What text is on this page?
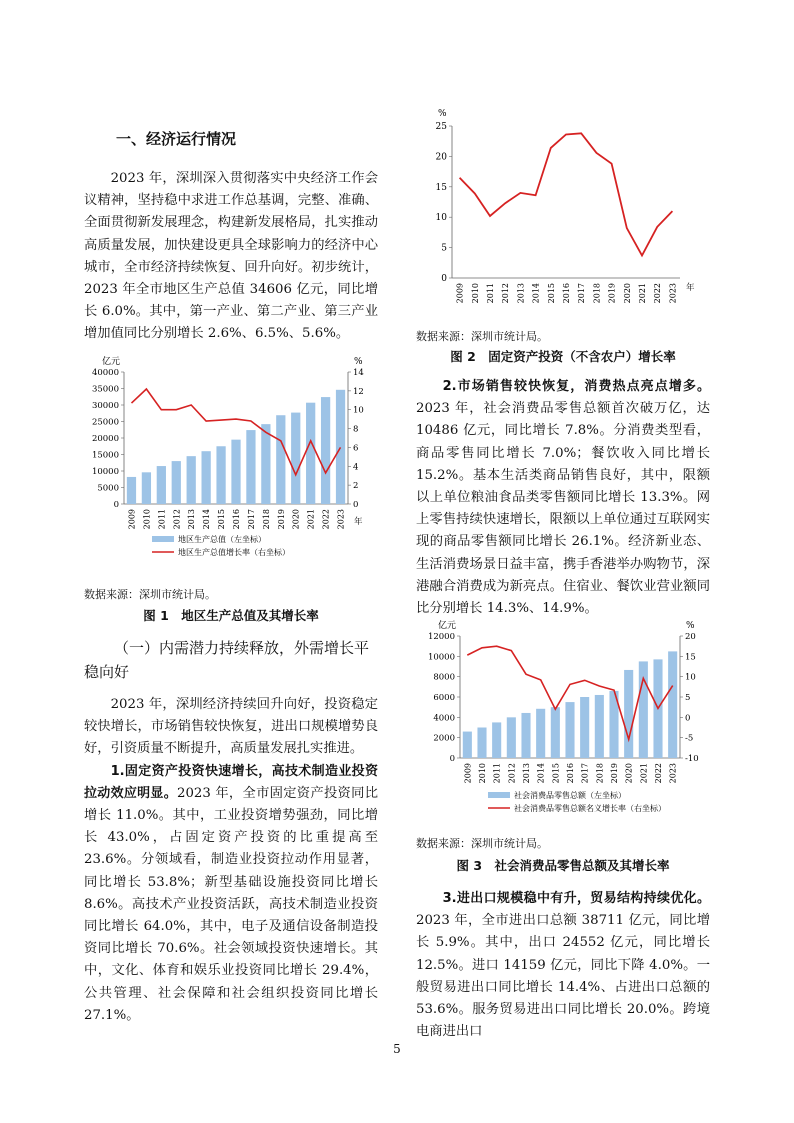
一、经济运行情况

2023 年，深圳深入贯彻落实中央经济工作会议精神，坚持稳中求进工作总基调，完整、准确、全面贯彻新发展理念，构建新发展格局，扎实推动高质量发展，加快建设更具全球影响力的经济中心城市，全市经济持续恢复、回升向好。初步统计，2023 年全市地区生产总值 34606 亿元，同比增长 6.0%。其中，第一产业、第二产业、第三产业增加值同比分别增长 2.6%、6.5%、5.6%。

亿元	%
0
5000
10000
15000
20000
25000
30000
35000
40000
0
2
4
6
8
10
12
14
2009 2010 2011 2012 2013 2014 2015 2016 2017 2018 2019 2020 2021 2022 2023 年
地区生产总值（左坐标）
地区生产总值增长率（右坐标）
数据来源：深圳市统计局。
图 1　地区生产总值及其增长率

（一）内需潜力持续释放，外需增长平稳向好

2023 年，深圳经济持续回升向好，投资稳定较快增长，市场销售较快恢复，进出口规模增势良好，引资质量不断提升，高质量发展扎实推进。

1.固定资产投资快速增长，高技术制造业投资拉动效应明显。2023 年，全市固定资产投资同比增长 11.0%。其中，工业投资增势强劲，同比增长 43.0%，占固定资产投资的比重提高至 23.6%。分领域看，制造业投资拉动作用显著，同比增长 53.8%；新型基础设施投资同比增长 8.6%。高技术产业投资活跃，高技术制造业投资同比增长 64.0%，其中，电子及通信设备制造投资同比增长 70.6%。社会领域投资快速增长。其中，文化、体育和娱乐业投资同比增长 29.4%，公共管理、社会保障和社会组织投资同比增长 27.1%。

%
0
5
10
15
20
25
2009 2010 2011 2012 2013 2014 2015 2016 2017 2018 2019 2020 2021 2022 2023 年
数据来源：深圳市统计局。
图 2　固定资产投资（不含农户）增长率

2.市场销售较快恢复，消费热点亮点增多。2023 年，社会消费品零售总额首次破万亿，达 10486 亿元，同比增长 7.8%。分消费类型看，商品零售同比增长 7.0%；餐饮收入同比增长 15.2%。基本生活类商品销售良好，其中，限额以上单位粮油食品类零售额同比增长 13.3%。网上零售持续快速增长，限额以上单位通过互联网实现的商品零售额同比增长 26.1%。经济新业态、生活消费场景日益丰富，携手香港举办购物节，深港融合消费成为新亮点。住宿业、餐饮业营业额同比分别增长 14.3%、14.9%。

亿元	%
0
2000
4000
6000
8000
10000
12000
-10
-5
0
5
10
15
20
2009 2010 2011 2012 2013 2014 2015 2016 2017 2018 2019 2020 2021 2022 2023
社会消费品零售总额（左坐标）
社会消费品零售总额名义增长率（右坐标）
数据来源：深圳市统计局。
图 3　社会消费品零售总额及其增长率

3.进出口规模稳中有升，贸易结构持续优化。2023 年，全市进出口总额 38711 亿元，同比增长 5.9%。其中，出口 24552 亿元，同比增长 12.5%。进口 14159 亿元，同比下降 4.0%。一般贸易进出口同比增长 14.4%、占进出口总额的 53.6%。服务贸易进出口同比增长 20.0%。跨境电商进出口

5
